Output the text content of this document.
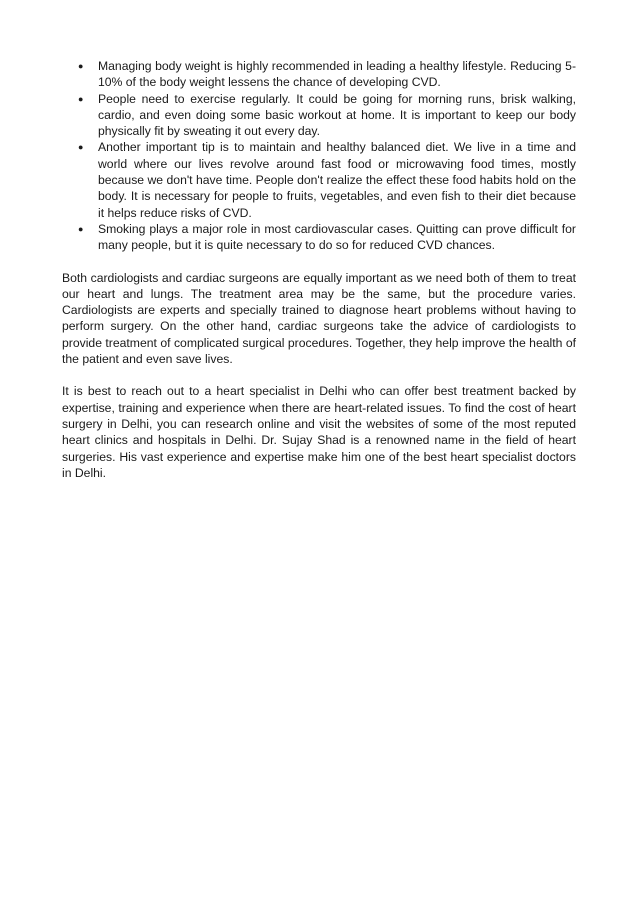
● Managing body weight is highly recommended in leading a healthy lifestyle. Reducing 5-10% of the body weight lessens the chance of developing CVD.
● People need to exercise regularly. It could be going for morning runs, brisk walking, cardio, and even doing some basic workout at home. It is important to keep our body physically fit by sweating it out every day.
● Another important tip is to maintain and healthy balanced diet. We live in a time and world where our lives revolve around fast food or microwaving food times, mostly because we don't have time. People don't realize the effect these food habits hold on the body. It is necessary for people to fruits, vegetables, and even fish to their diet because it helps reduce risks of CVD.
● Smoking plays a major role in most cardiovascular cases. Quitting can prove difficult for many people, but it is quite necessary to do so for reduced CVD chances.

Both cardiologists and cardiac surgeons are equally important as we need both of them to treat our heart and lungs. The treatment area may be the same, but the procedure varies. Cardiologists are experts and specially trained to diagnose heart problems without having to perform surgery. On the other hand, cardiac surgeons take the advice of cardiologists to provide treatment of complicated surgical procedures. Together, they help improve the health of the patient and even save lives.

It is best to reach out to a heart specialist in Delhi who can offer best treatment backed by expertise, training and experience when there are heart-related issues. To find the cost of heart surgery in Delhi, you can research online and visit the websites of some of the most reputed heart clinics and hospitals in Delhi. Dr. Sujay Shad is a renowned name in the field of heart surgeries. His vast experience and expertise make him one of the best heart specialist doctors in Delhi.
